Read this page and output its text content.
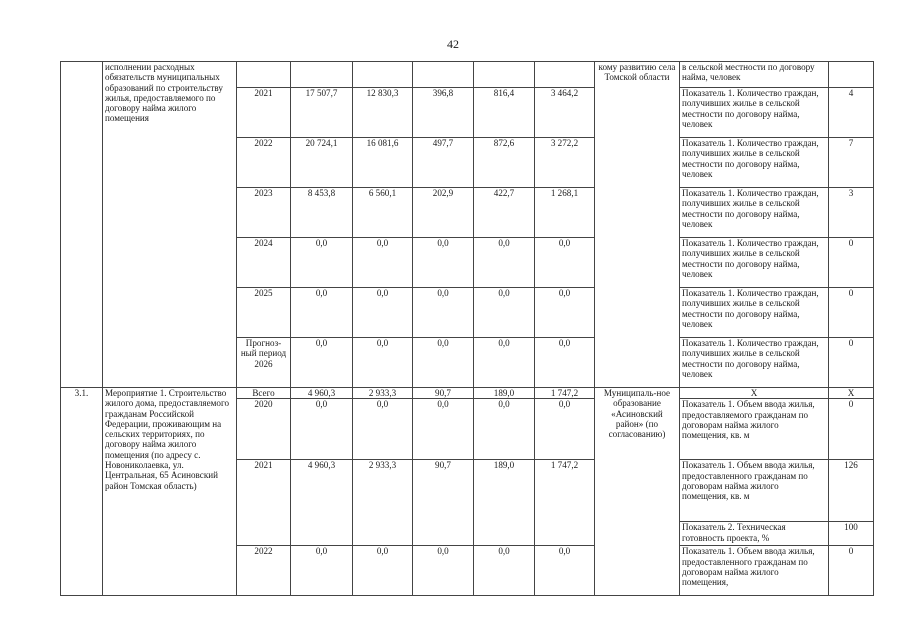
42
	исполнении расходных обязательств муниципальных образований по строительству жилья, предоставляемого по договору найма жилого помещения							кому развитию села Томской области	в сельской местности по договору найма, человек	
		2021	17 507,7	12 830,3	396,8	816,4	3 464,2		Показатель 1. Количество граждан, получивших жилье в сельской местности по договору найма, человек	4
		2022	20 724,1	16 081,6	497,7	872,6	3 272,2		Показатель 1. Количество граждан, получивших жилье в сельской местности по договору найма, человек	7
		2023	8 453,8	6 560,1	202,9	422,7	1 268,1		Показатель 1. Количество граждан, получивших жилье в сельской местности по договору найма, человек	3
		2024	0,0	0,0	0,0	0,0	0,0		Показатель 1. Количество граждан, получивших жилье в сельской местности по договору найма, человек	0
		2025	0,0	0,0	0,0	0,0	0,0		Показатель 1. Количество граждан, получивших жилье в сельской местности по договору найма, человек	0
		Прогноз-ный период 2026	0,0	0,0	0,0	0,0	0,0		Показатель 1. Количество граждан, получивших жилье в сельской местности по договору найма, человек	0
3.1.	Мероприятие 1. Строительство жилого дома, предоставляемого гражданам Российской Федерации, проживающим на сельских территориях, по договору найма жилого помещения (по адресу с. Новониколаевка, ул. Центральная, 65 Асиновский район Томская область)	Всего	4 960,3	2 933,3	90,7	189,0	1 747,2	Муниципаль-ное образование «Асиновский район» (по согласованию)	X	X
		2020	0,0	0,0	0,0	0,0	0,0		Показатель 1. Объем ввода жилья, предоставляемого гражданам по договорам найма жилого помещения, кв. м	0
		2021	4 960,3	2 933,3	90,7	189,0	1 747,2		Показатель 1. Объем ввода жилья, предоставленного гражданам по договорам найма жилого помещения, кв. м	126
									Показатель 2. Техническая готовность проекта, %	100
		2022	0,0	0,0	0,0	0,0	0,0		Показатель 1. Объем ввода жилья, предоставленного гражданам по договорам найма жилого помещения,	0
